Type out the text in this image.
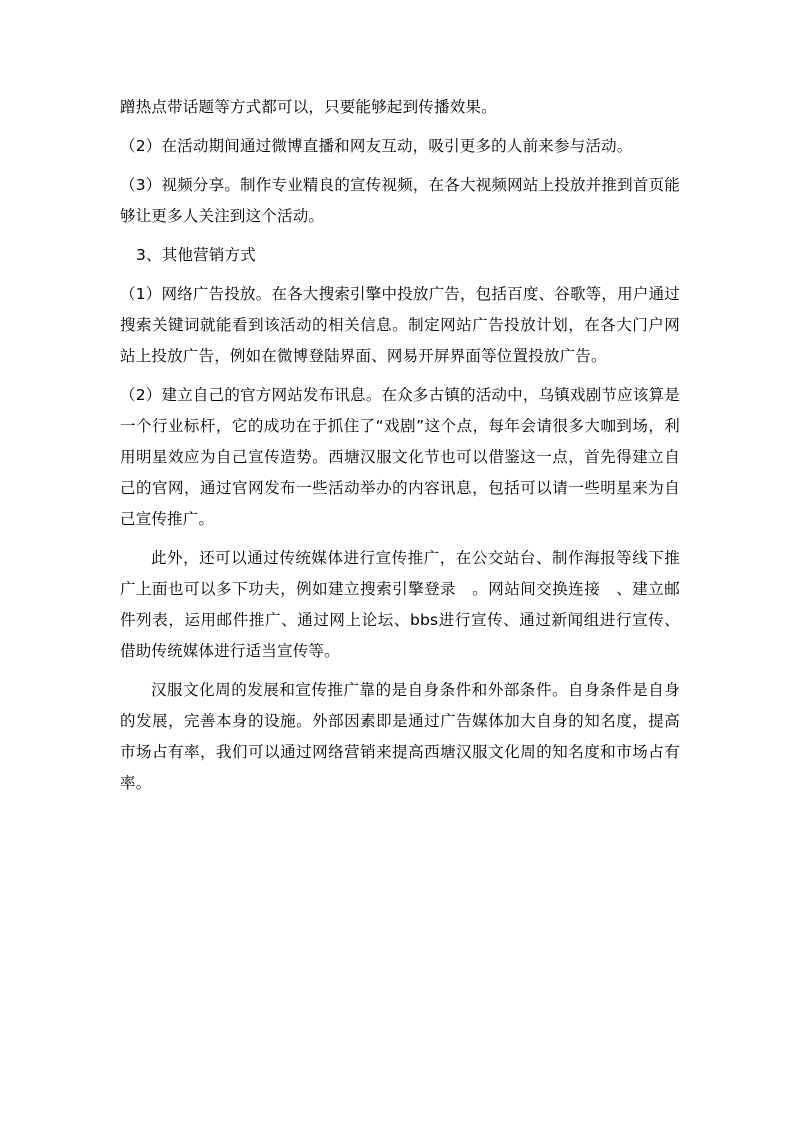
蹭热点带话题等方式都可以，只要能够起到传播效果。

（2）在活动期间通过微博直播和网友互动，吸引更多的人前来参与活动。

（3）视频分享。制作专业精良的宣传视频，在各大视频网站上投放并推到首页能够让更多人关注到这个活动。

3、其他营销方式

（1）网络广告投放。在各大搜索引擎中投放广告，包括百度、谷歌等，用户通过搜索关键词就能看到该活动的相关信息。制定网站广告投放计划，在各大门户网站上投放广告，例如在微博登陆界面、网易开屏界面等位置投放广告。

（2）建立自己的官方网站发布讯息。在众多古镇的活动中，乌镇戏剧节应该算是一个行业标杆，它的成功在于抓住了“戏剧”这个点，每年会请很多大咖到场，利用明星效应为自己宣传造势。西塘汉服文化节也可以借鉴这一点，首先得建立自己的官网，通过官网发布一些活动举办的内容讯息，包括可以请一些明星来为自己宣传推广。

此外，还可以通过传统媒体进行宣传推广，在公交站台、制作海报等线下推广上面也可以多下功夫，例如建立搜索引擎登录　。网站间交换连接　、建立邮件列表，运用邮件推广、通过网上论坛、bbs进行宣传、通过新闻组进行宣传、借助传统媒体进行适当宣传等。

汉服文化周的发展和宣传推广靠的是自身条件和外部条件。自身条件是自身的发展，完善本身的设施。外部因素即是通过广告媒体加大自身的知名度，提高市场占有率，我们可以通过网络营销来提高西塘汉服文化周的知名度和市场占有率。
